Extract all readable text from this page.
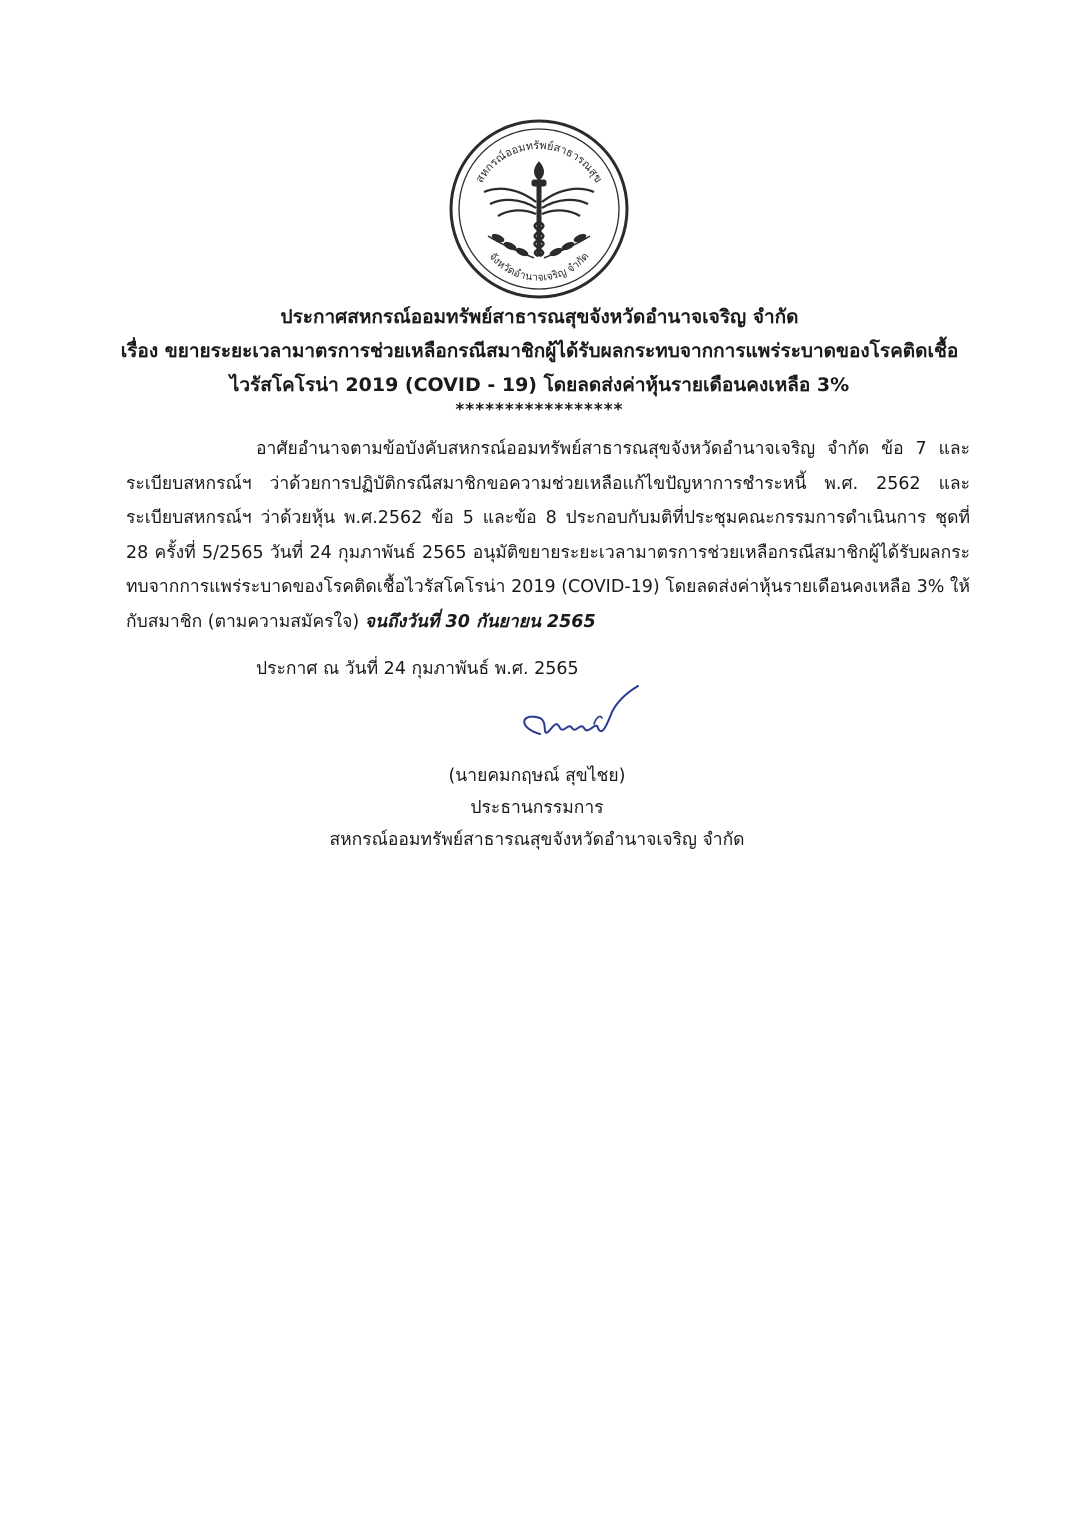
สหกรณ์ออมทรัพย์สาธารณสุข
จังหวัดอำนาจเจริญ จำกัด
ประกาศสหกรณ์ออมทรัพย์สาธารณสุขจังหวัดอำนาจเจริญ จำกัด
เรื่อง ขยายระยะเวลามาตรการช่วยเหลือกรณีสมาชิกผู้ได้รับผลกระทบจากการแพร่ระบาดของโรคติดเชื้อ
ไวรัสโคโรน่า 2019 (COVID - 19) โดยลดส่งค่าหุ้นรายเดือนคงเหลือ 3%
*****************
อาศัยอำนาจตามข้อบังคับสหกรณ์ออมทรัพย์สาธารณสุขจังหวัดอำนาจเจริญ จำกัด ข้อ 7 และระเบียบสหกรณ์ฯ ว่าด้วยการปฏิบัติกรณีสมาชิกขอความช่วยเหลือแก้ไขปัญหาการชำระหนี้ พ.ศ. 2562 และระเบียบสหกรณ์ฯ ว่าด้วยหุ้น พ.ศ.2562 ข้อ 5 และข้อ 8 ประกอบกับมติที่ประชุมคณะกรรมการดำเนินการ ชุดที่ 28 ครั้งที่ 5/2565 วันที่ 24 กุมภาพันธ์ 2565 อนุมัติขยายระยะเวลามาตรการช่วยเหลือกรณีสมาชิกผู้ได้รับผลกระทบจากการแพร่ระบาดของโรคติดเชื้อไวรัสโคโรน่า 2019 (COVID-19) โดยลดส่งค่าหุ้นรายเดือนคงเหลือ 3% ให้กับสมาชิก (ตามความสมัครใจ) จนถึงวันที่ 30 กันยายน 2565
ประกาศ ณ วันที่ 24 กุมภาพันธ์ พ.ศ. 2565
(นายคมกฤษณ์ สุขไชย)
ประธานกรรมการ
สหกรณ์ออมทรัพย์สาธารณสุขจังหวัดอำนาจเจริญ จำกัด
